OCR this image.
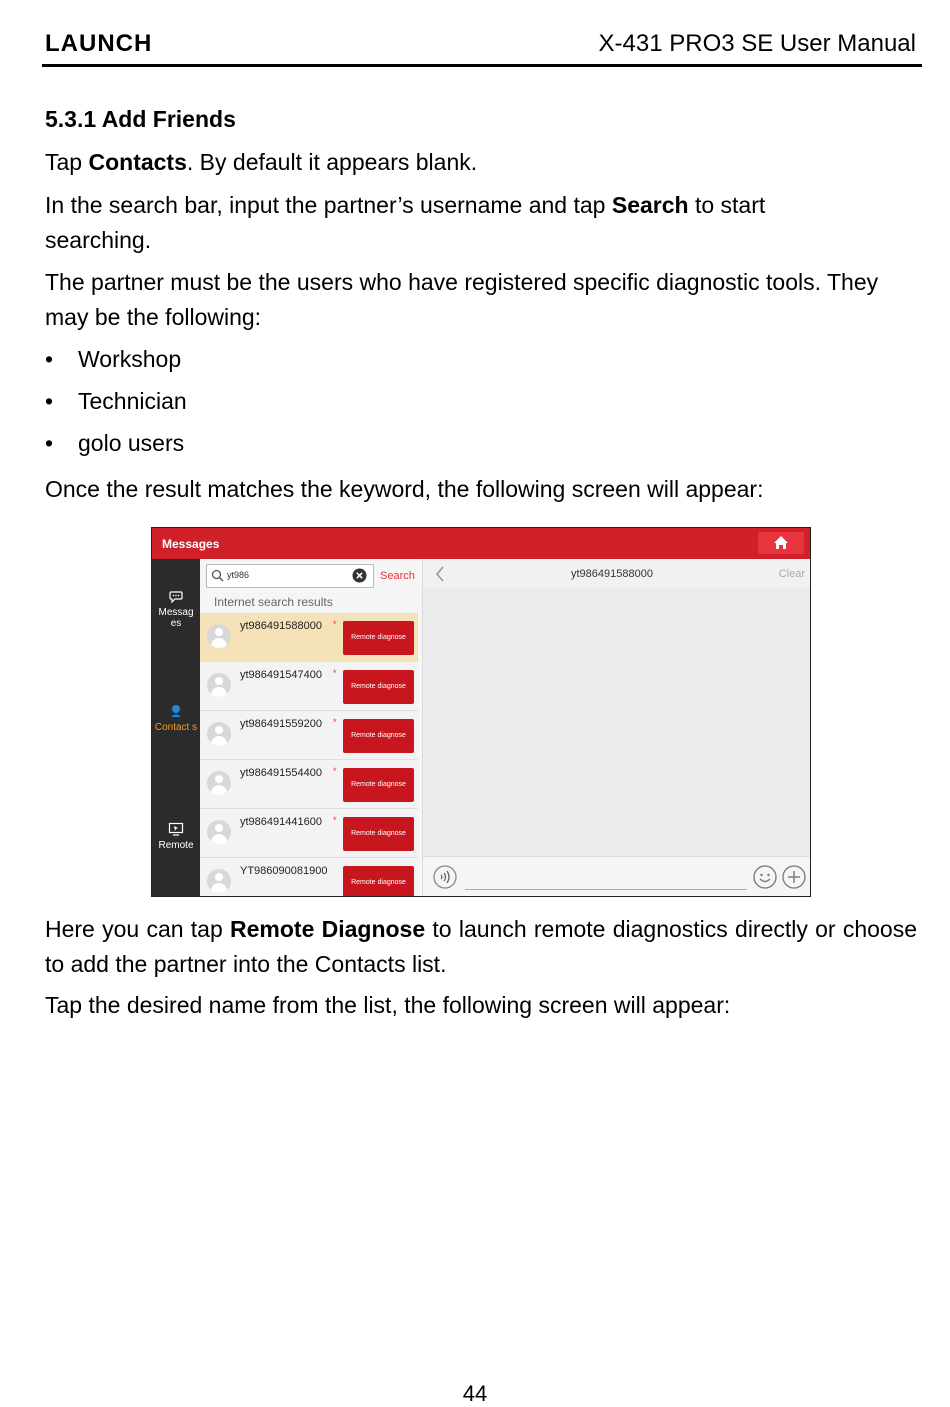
LAUNCH	X-431 PRO3 SE User Manual
5.3.1 Add Friends
Tap Contacts. By default it appears blank.
In the search bar, input the partner’s username and tap Search to start searching.
The partner must be the users who have registered specific diagnostic tools. They may be the following:
• Workshop
• Technician
• golo users
Once the result matches the keyword, the following screen will appear:
Messages
Messag es
Contact s
Remote
yt986	Search
Internet search results
yt986491588000 *
Remote diagnose
yt986491547400 *
Remote diagnose
yt986491559200 *
Remote diagnose
yt986491554400 *
Remote diagnose
yt986491441600 *
Remote diagnose
YT986090081900
Remote diagnose
yt986491588000	Clear
Here you can tap Remote Diagnose to launch remote diagnostics directly or choose to add the partner into the Contacts list.
Tap the desired name from the list, the following screen will appear:
44
